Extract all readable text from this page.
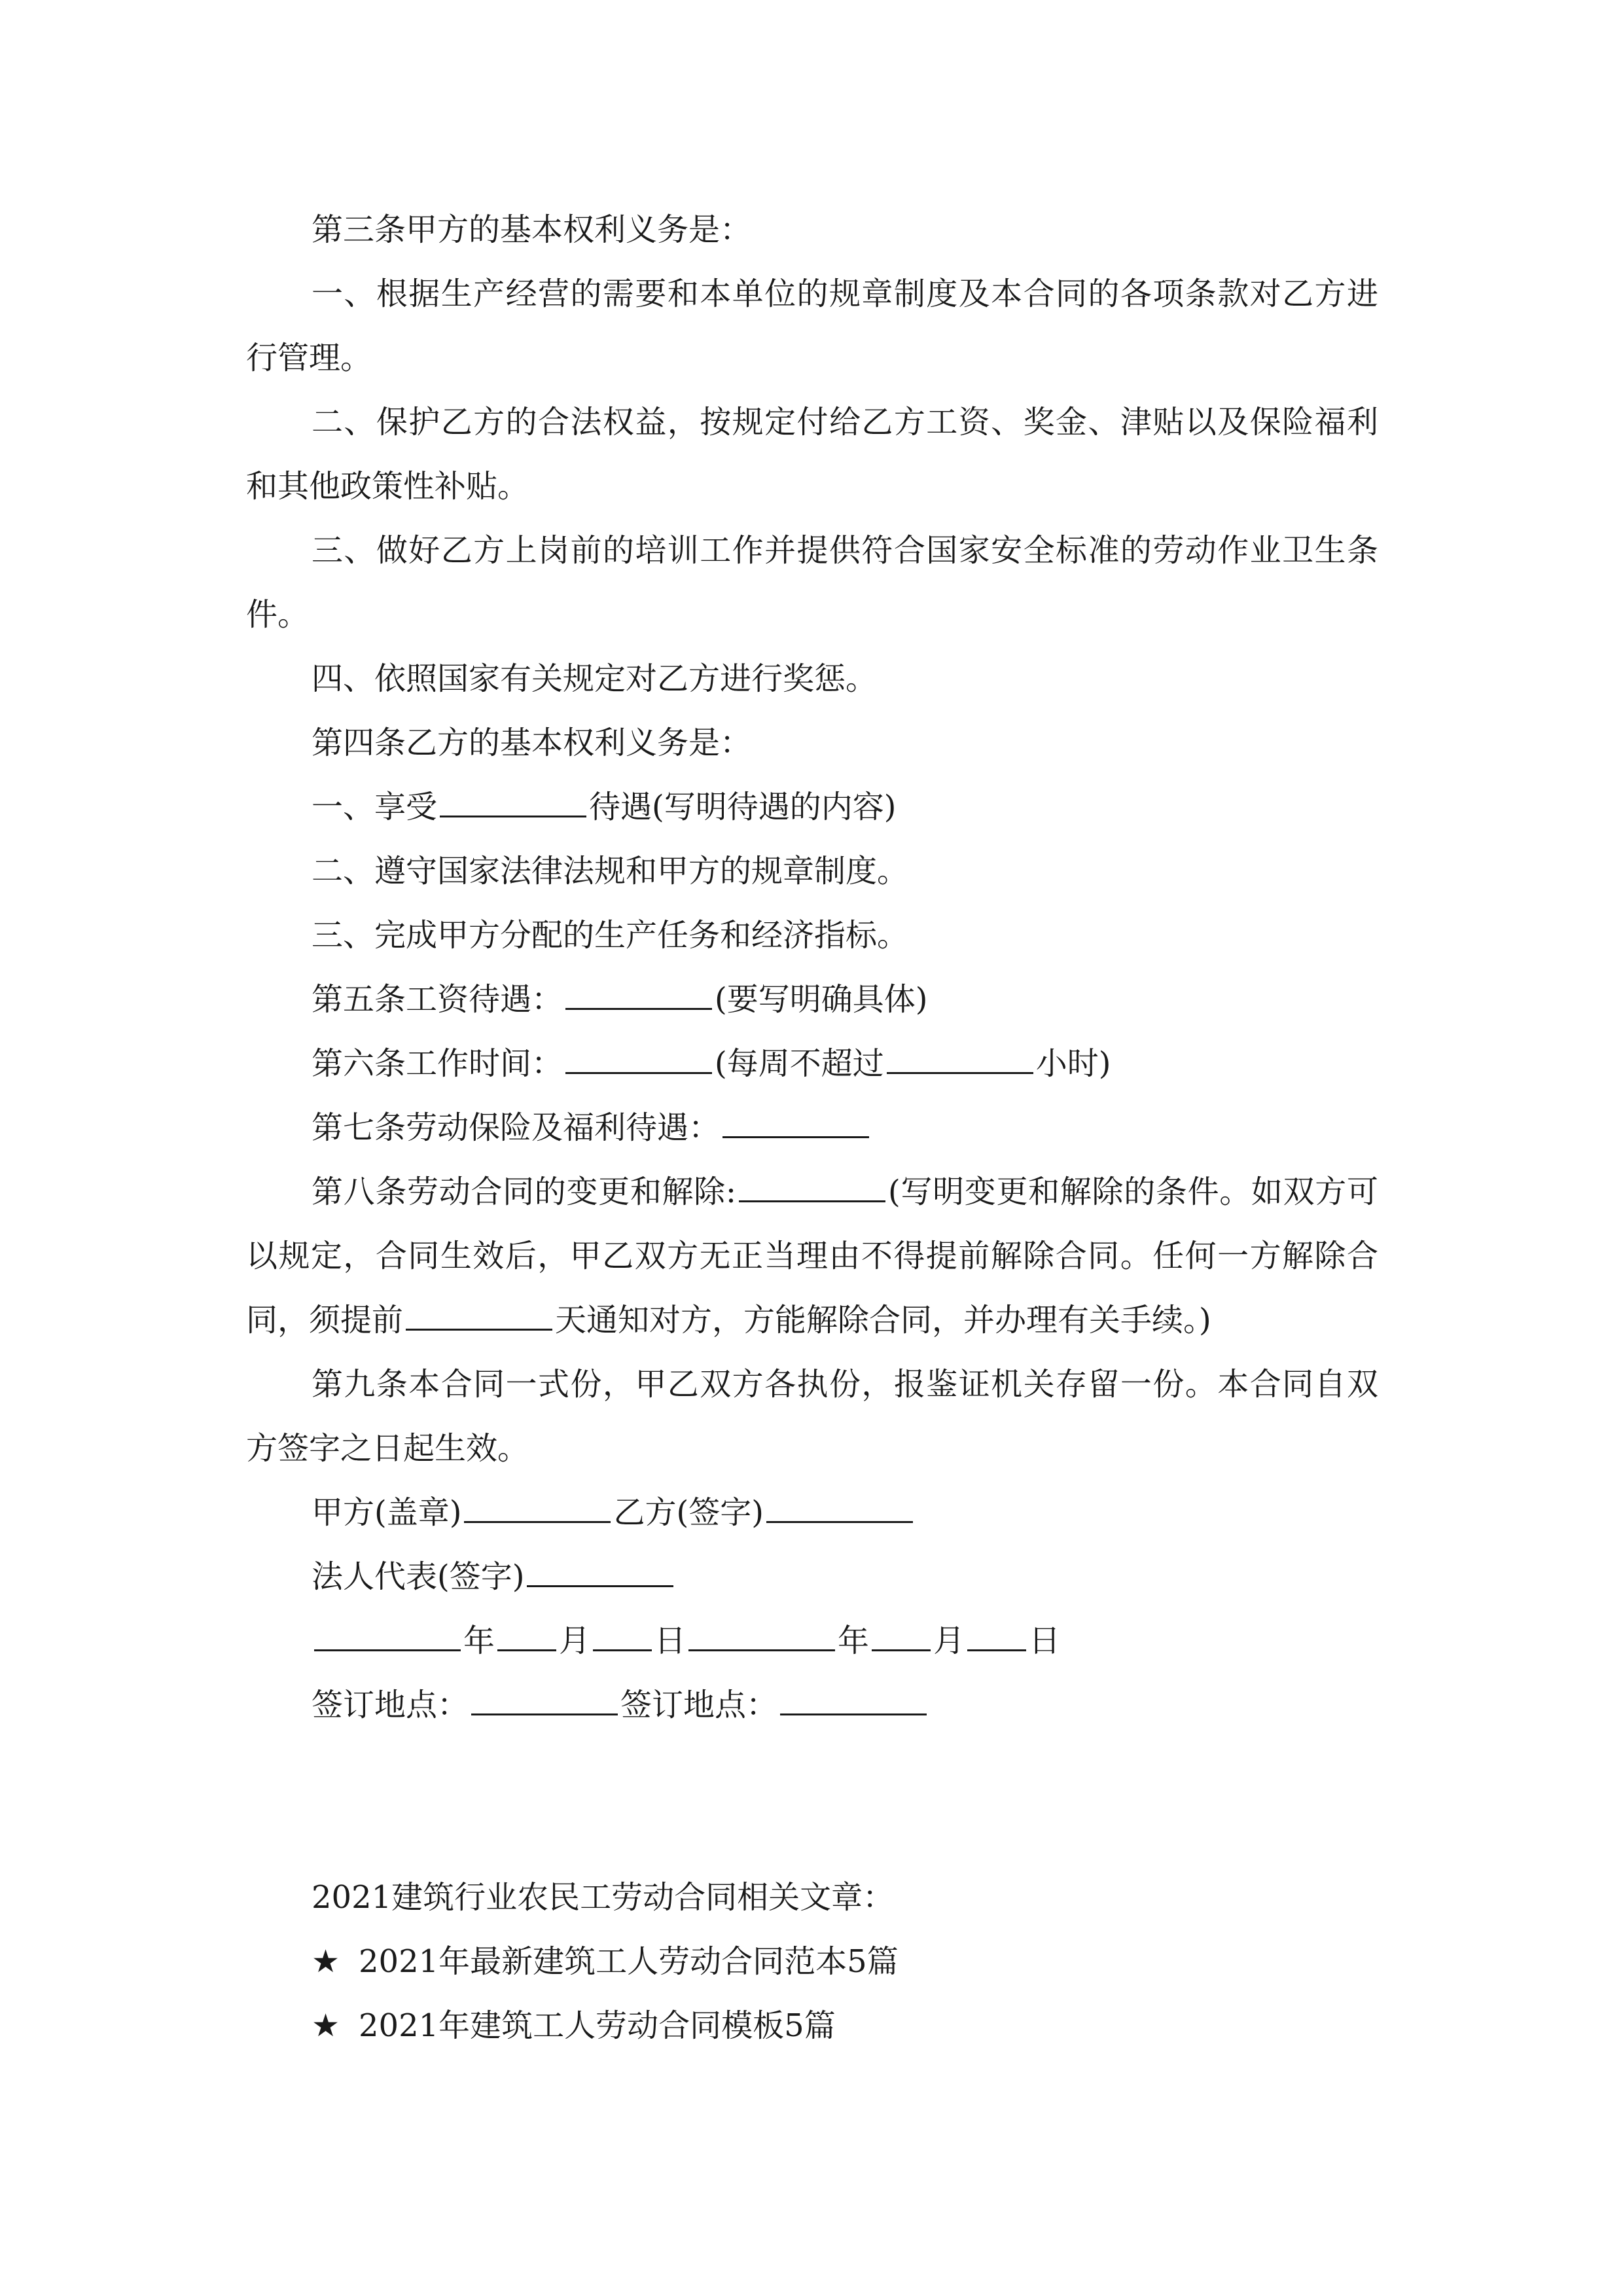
第三条甲方的基本权利义务是：

一、根据生产经营的需要和本单位的规章制度及本合同的各项条款对乙方进行管理。

二、保护乙方的合法权益，按规定付给乙方工资、奖金、津贴以及保险福利和其他政策性补贴。

三、做好乙方上岗前的培训工作并提供符合国家安全标准的劳动作业卫生条件。

四、依照国家有关规定对乙方进行奖惩。

第四条乙方的基本权利义务是：

一、享受	待遇(写明待遇的内容)

二、遵守国家法律法规和甲方的规章制度。

三、完成甲方分配的生产任务和经济指标。

第五条工资待遇：	(要写明确具体)

第六条工作时间：	(每周不超过	小时)

第七条劳动保险及福利待遇：

第八条劳动合同的变更和解除:	(写明变更和解除的条件。如双方可以规定，合同生效后，甲乙双方无正当理由不得提前解除合同。任何一方解除合同，须提前	天通知对方，方能解除合同，并办理有关手续。)

第九条本合同一式份，甲乙双方各执份，报鉴证机关存留一份。本合同自双方签字之日起生效。

甲方(盖章)	乙方(签字)

法人代表(签字)

年 月 日	年 月 日

签订地点：	签订地点：

2021建筑行业农民工劳动合同相关文章：

★ 2021年最新建筑工人劳动合同范本5篇

★ 2021年建筑工人劳动合同模板5篇
